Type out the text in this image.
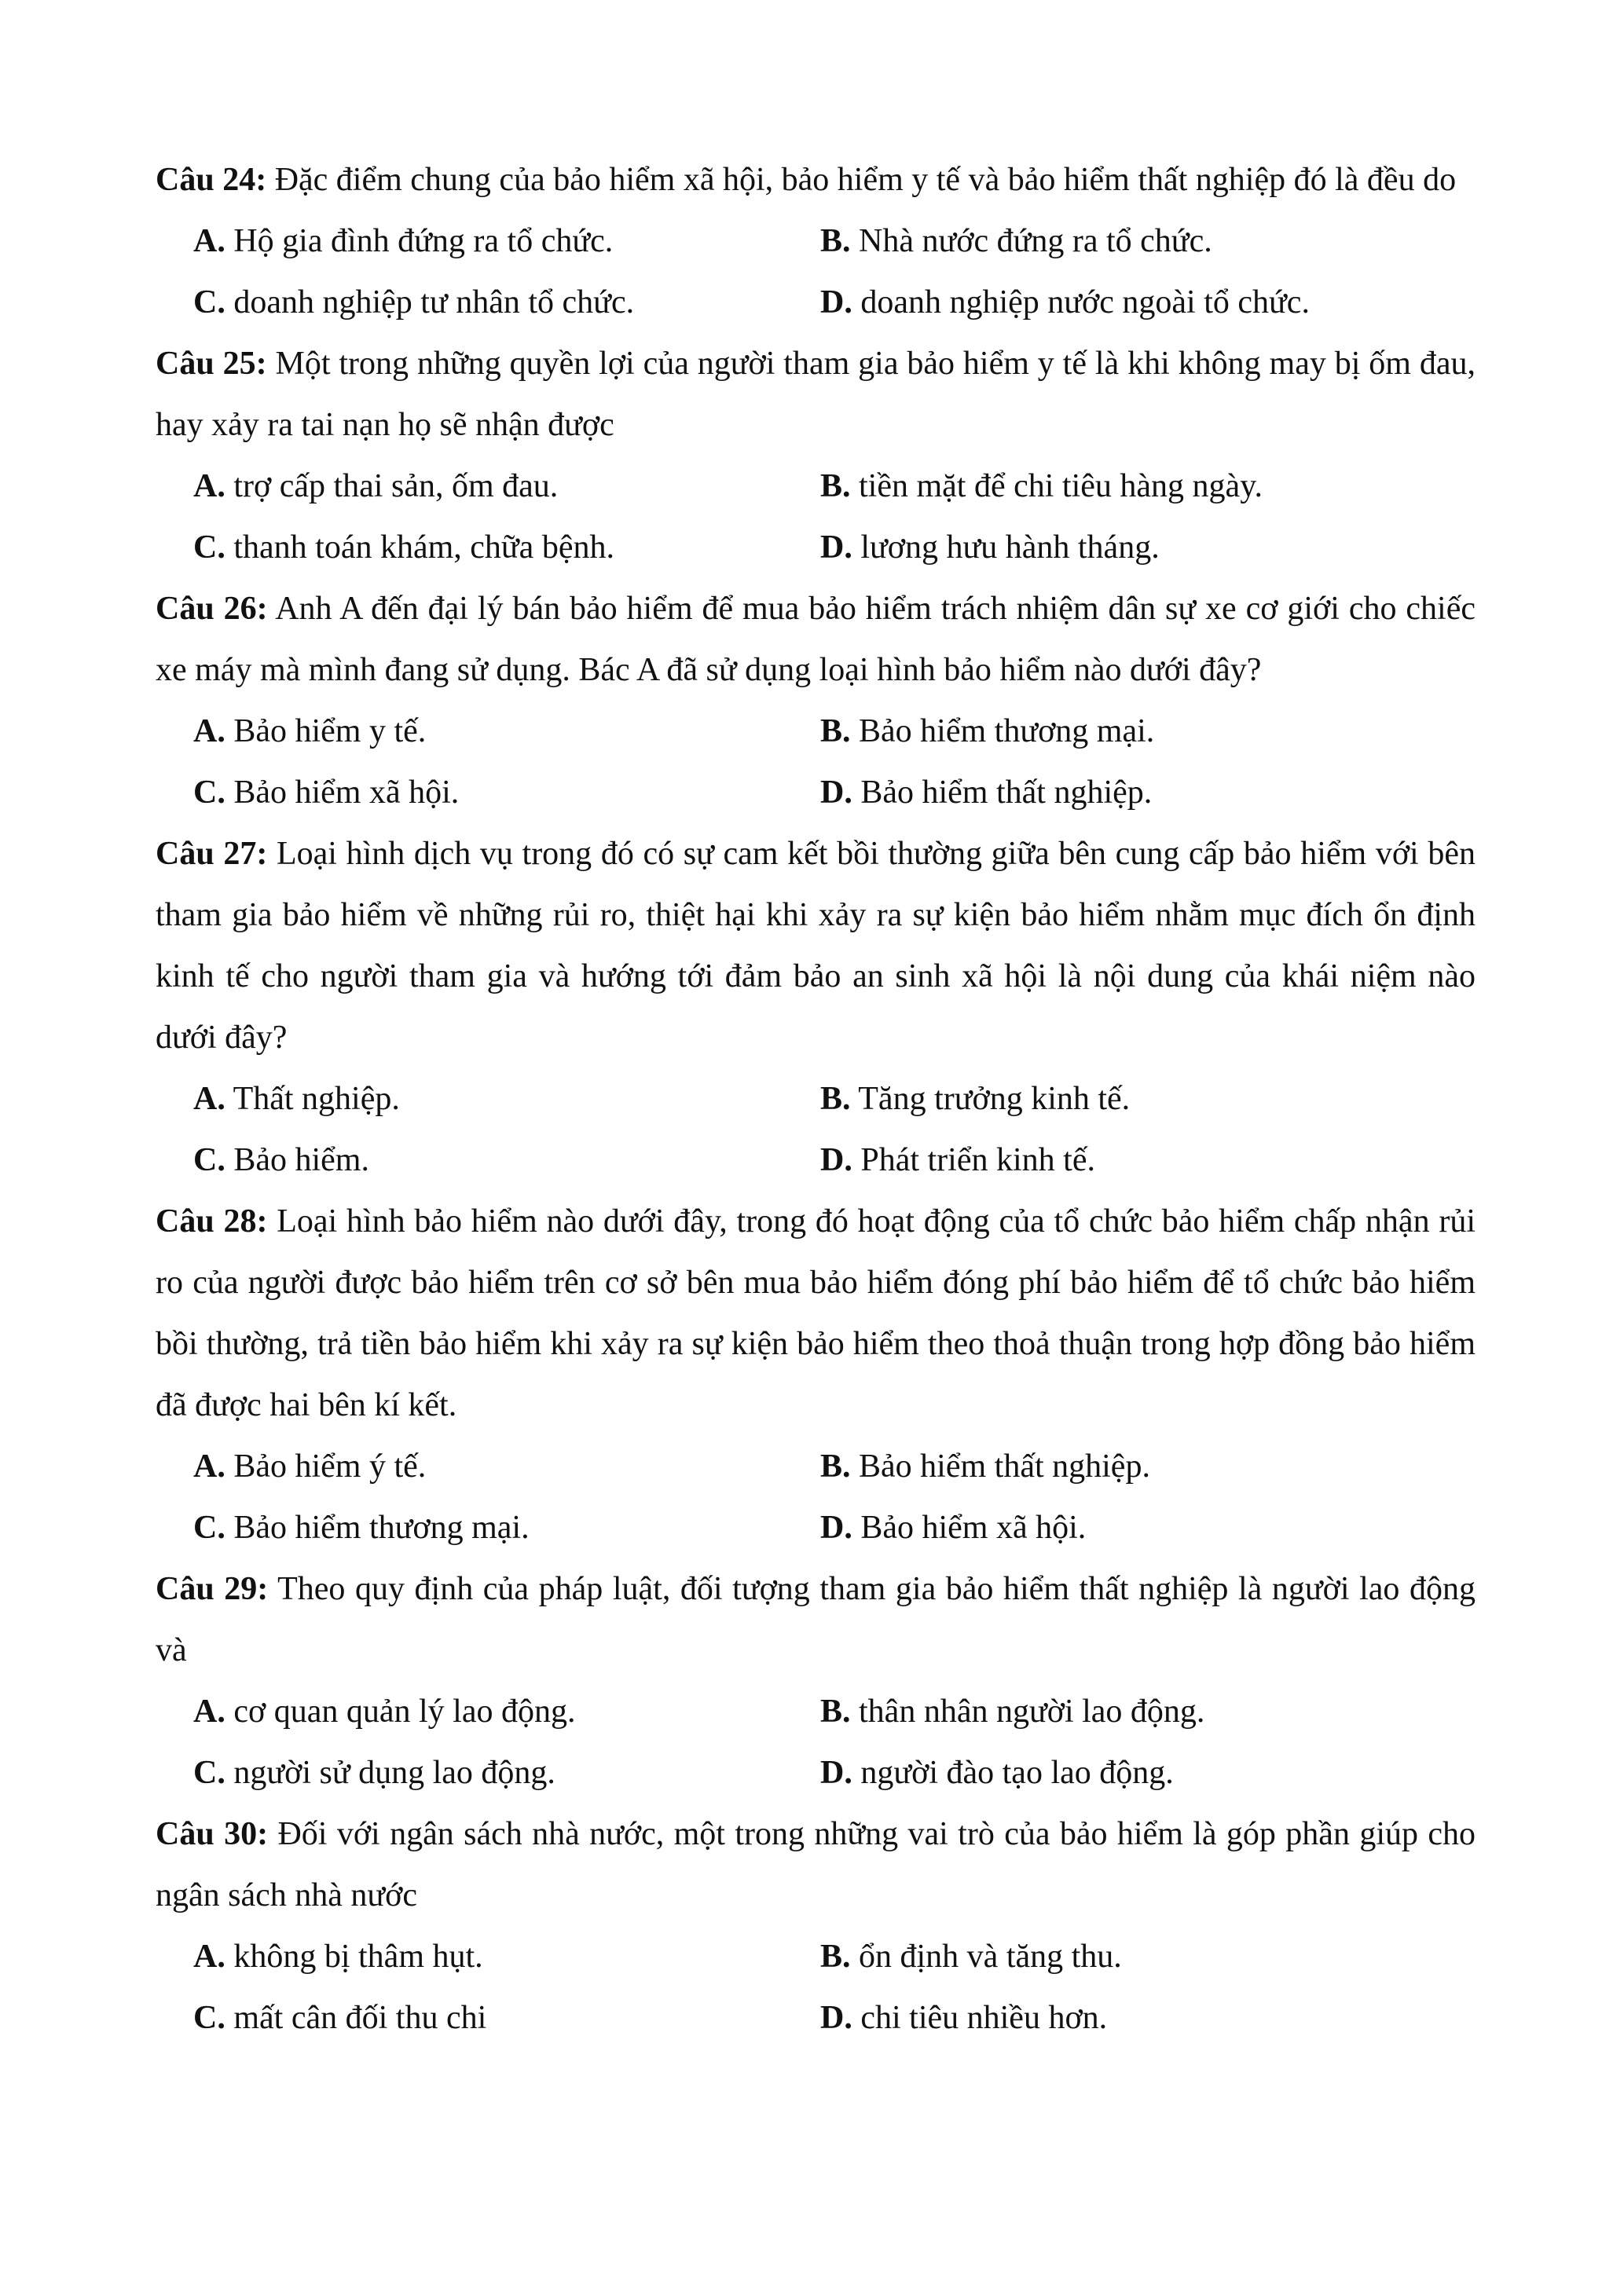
Câu 24: Đặc điểm chung của bảo hiểm xã hội, bảo hiểm y tế và bảo hiểm thất nghiệp đó là đều do

A. Hộ gia đình đứng ra tổ chức.	B. Nhà nước đứng ra tổ chức.
C. doanh nghiệp tư nhân tổ chức.	D. doanh nghiệp nước ngoài tổ chức.

Câu 25: Một trong những quyền lợi của người tham gia bảo hiểm y tế là khi không may bị ốm đau, hay xảy ra tai nạn họ sẽ nhận được

A. trợ cấp thai sản, ốm đau.	B. tiền mặt để chi tiêu hàng ngày.
C. thanh toán khám, chữa bệnh.	D. lương hưu hành tháng.

Câu 26: Anh A đến đại lý bán bảo hiểm để mua bảo hiểm trách nhiệm dân sự xe cơ giới cho chiếc xe máy mà mình đang sử dụng. Bác A đã sử dụng loại hình bảo hiểm nào dưới đây?

A. Bảo hiểm y tế.	B. Bảo hiểm thương mại.
C. Bảo hiểm xã hội.	D. Bảo hiểm thất nghiệp.

Câu 27: Loại hình dịch vụ trong đó có sự cam kết bồi thường giữa bên cung cấp bảo hiểm với bên tham gia bảo hiểm về những rủi ro, thiệt hại khi xảy ra sự kiện bảo hiểm nhằm mục đích ổn định kinh tế cho người tham gia và hướng tới đảm bảo an sinh xã hội là nội dung của khái niệm nào dưới đây?

A. Thất nghiệp.	B. Tăng trưởng kinh tế.
C. Bảo hiểm.	D. Phát triển kinh tế.

Câu 28: Loại hình bảo hiểm nào dưới đây, trong đó hoạt động của tổ chức bảo hiểm chấp nhận rủi ro của người được bảo hiểm trên cơ sở bên mua bảo hiểm đóng phí bảo hiểm để tổ chức bảo hiểm bồi thường, trả tiền bảo hiểm khi xảy ra sự kiện bảo hiểm theo thoả thuận trong hợp đồng bảo hiểm đã được hai bên kí kết.

A. Bảo hiểm ý tế.	B. Bảo hiểm thất nghiệp.
C. Bảo hiểm thương mại.	D. Bảo hiểm xã hội.

Câu 29: Theo quy định của pháp luật, đối tượng tham gia bảo hiểm thất nghiệp là người lao động và

A. cơ quan quản lý lao động.	B. thân nhân người lao động.
C. người sử dụng lao động.	D. người đào tạo lao động.

Câu 30: Đối với ngân sách nhà nước, một trong những vai trò của bảo hiểm là góp phần giúp cho ngân sách nhà nước

A. không bị thâm hụt.	B. ổn định và tăng thu.
C. mất cân đối thu chi	D. chi tiêu nhiều hơn.
